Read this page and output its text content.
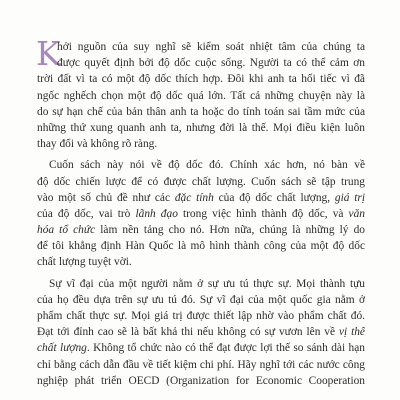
K
hởi nguồn của suy nghĩ sẽ kiểm soát nhiệt tâm của chúng ta
được quyết định bởi độ dốc cuộc sống. Người ta có thể cảm ơn
trời đất vì ta có một độ dốc thích hợp. Đôi khi anh ta hối tiếc vì đã
ngốc nghếch chọn một độ dốc quá lớn. Tất cả những chuyện này là
do sự hạn chế của bản thân anh ta hoặc do tính toán sai tầm mức của
những thứ xung quanh anh ta, nhưng đời là thế. Mọi điều kiện luôn
thay đổi và không rõ ràng.
Cuốn sách này nói về độ dốc đó. Chính xác hơn, nó bàn về
độ dốc chiến lược để có được chất lượng. Cuốn sách sẽ tập trung
vào một số chủ đề như các đặc tính của độ dốc chất lượng, giá trị
của độ dốc, vai trò lãnh đạo trong việc hình thành độ dốc, và văn
hóa tổ chức làm nền tảng cho nó. Hơn nữa, chúng là những lý do
để tôi khẳng định Hàn Quốc là mô hình thành công của một độ dốc
chất lượng tuyệt vời.
Sự vĩ đại của một người nằm ở sự ưu tú thực sự. Mọi thành tựu
của họ đều dựa trên sự ưu tú đó. Sự vĩ đại của một quốc gia nằm ở
phẩm chất thực sự. Mọi giá trị được thiết lập nhờ vào phẩm chất đó.
Đạt tới đỉnh cao sẽ là bất khả thi nếu không có sự vươn lên về vị thế
chất lượng. Không tổ chức nào có thể đạt được lợi thế so sánh dài hạn
chỉ bằng cách dẫn đầu về tiết kiệm chi phí. Hãy nghĩ tới các nước công
nghiệp phát triển OECD (Organization for Economic Cooperation
